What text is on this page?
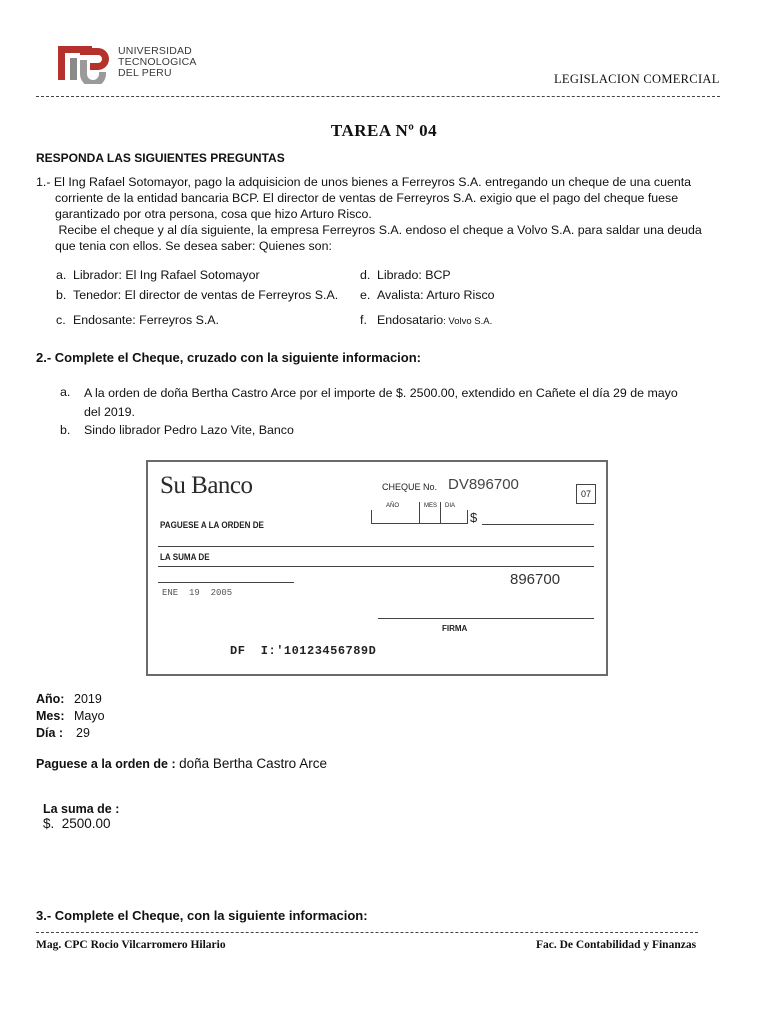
UNIVERSIDAD
TECNOLOGICA
DEL PERU	LEGISLACION COMERCIAL
TAREA Nº 04
RESPONDA LAS SIGUIENTES PREGUNTAS
1.- El Ing Rafael Sotomayor, pago la adquisicion de unos bienes a Ferreyros S.A. entregando un cheque de una cuenta
corriente de la entidad bancaria BCP. El director de ventas de Ferreyros S.A. exigio que el pago del cheque fuese
garantizado por otra persona, cosa que hizo Arturo Risco.
Recibe el cheque y al día siguiente, la empresa Ferreyros S.A. endoso el cheque a Volvo S.A. para saldar una deuda
que tenia con ellos. Se desea saber: Quienes son:
a. Librador: El Ing Rafael Sotomayor
b. Tenedor: El director de ventas de Ferreyros S.A.
c. Endosante: Ferreyros S.A.
d. Librado: BCP
e. Avalista: Arturo Risco
f. Endosatario: Volvo S.A.
2.- Complete el Cheque, cruzado con la siguiente informacion:
a. A la orden de doña Bertha Castro Arce por el importe de $. 2500.00, extendido en Cañete el día 29 de mayo
del 2019.
b. Sindo librador Pedro Lazo Vite, Banco
Su Banco	CHEQUE No. DV896700
07
AÑO	MES DIA
$
PAGUESE A LA ORDEN DE
LA SUMA DE
896700
ENE  19  2005
FIRMA
DF  I:'10123456789D
Año: 2019
Mes: Mayo
Día : 29
Paguese a la orden de : doña Bertha Castro Arce

La suma de :
$.  2500.00

3.- Complete el Cheque, con la siguiente informacion:
Mag. CPC Rocio Vilcarromero Hilario	Fac. De Contabilidad y Finanzas
